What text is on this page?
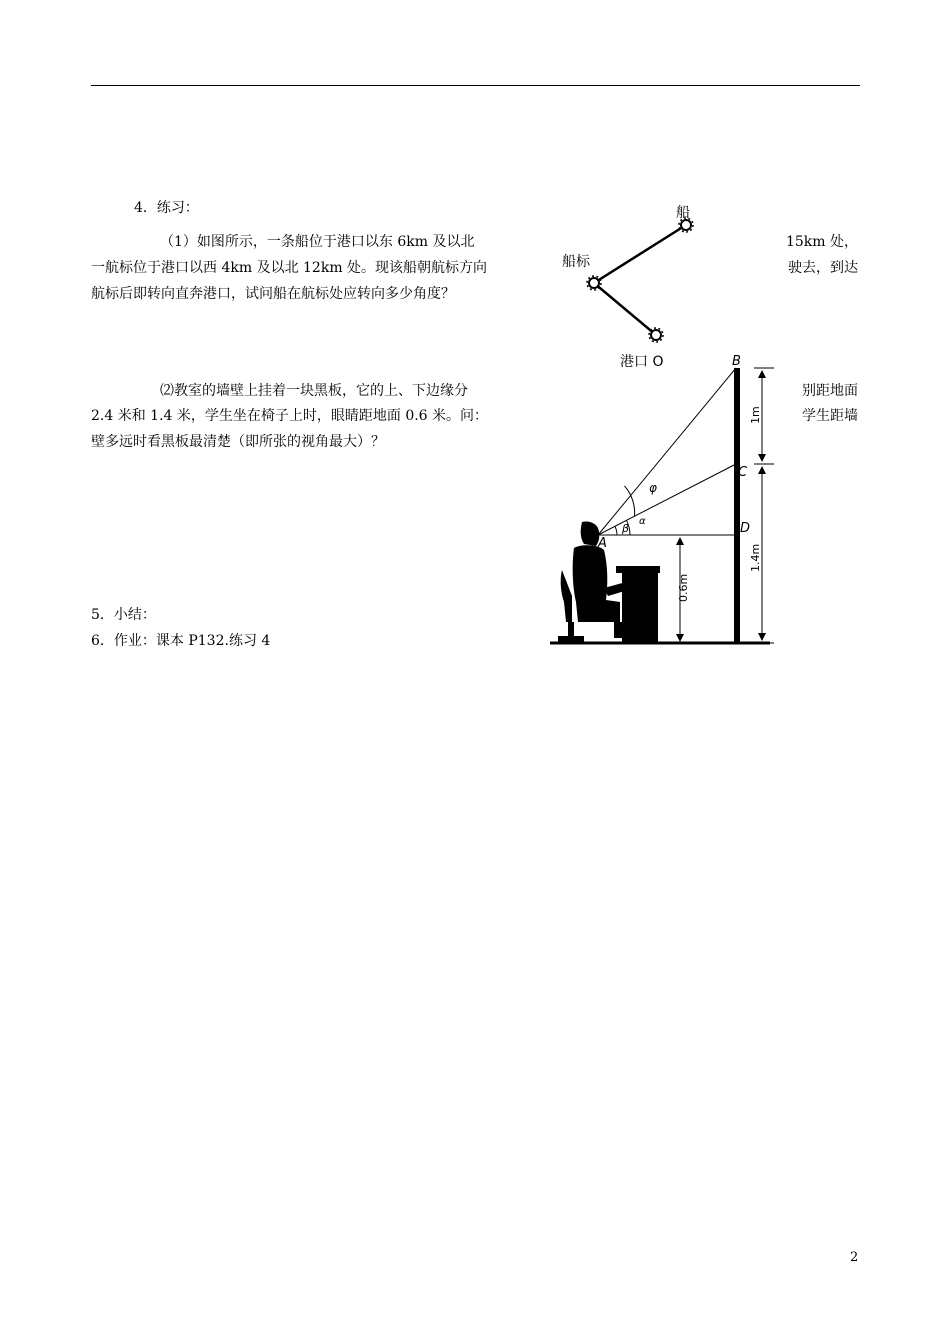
4．练习：
（1）如图所示，一条船位于港口以东 6km 及以北	15km 处，
一航标位于港口以西 4km 及以北 12km 处。现该船朝航标方向	驶去，到达
航标后即转向直奔港口，试问船在航标处应转向多少角度？
⑵教室的墙壁上挂着一块黑板，它的上、下边缘分	别距地面
2.4 米和 1.4 米，学生坐在椅子上时，眼睛距地面 0.6 米。问：	学生距墙
壁多远时看黑板最清楚（即所张的视角最大）？
5．小结：
6．作业：课本 P132.练习 4
船
船标
港口 O	B
C
D
A
φ
β
α
1m
1.4m
0.6m
2
